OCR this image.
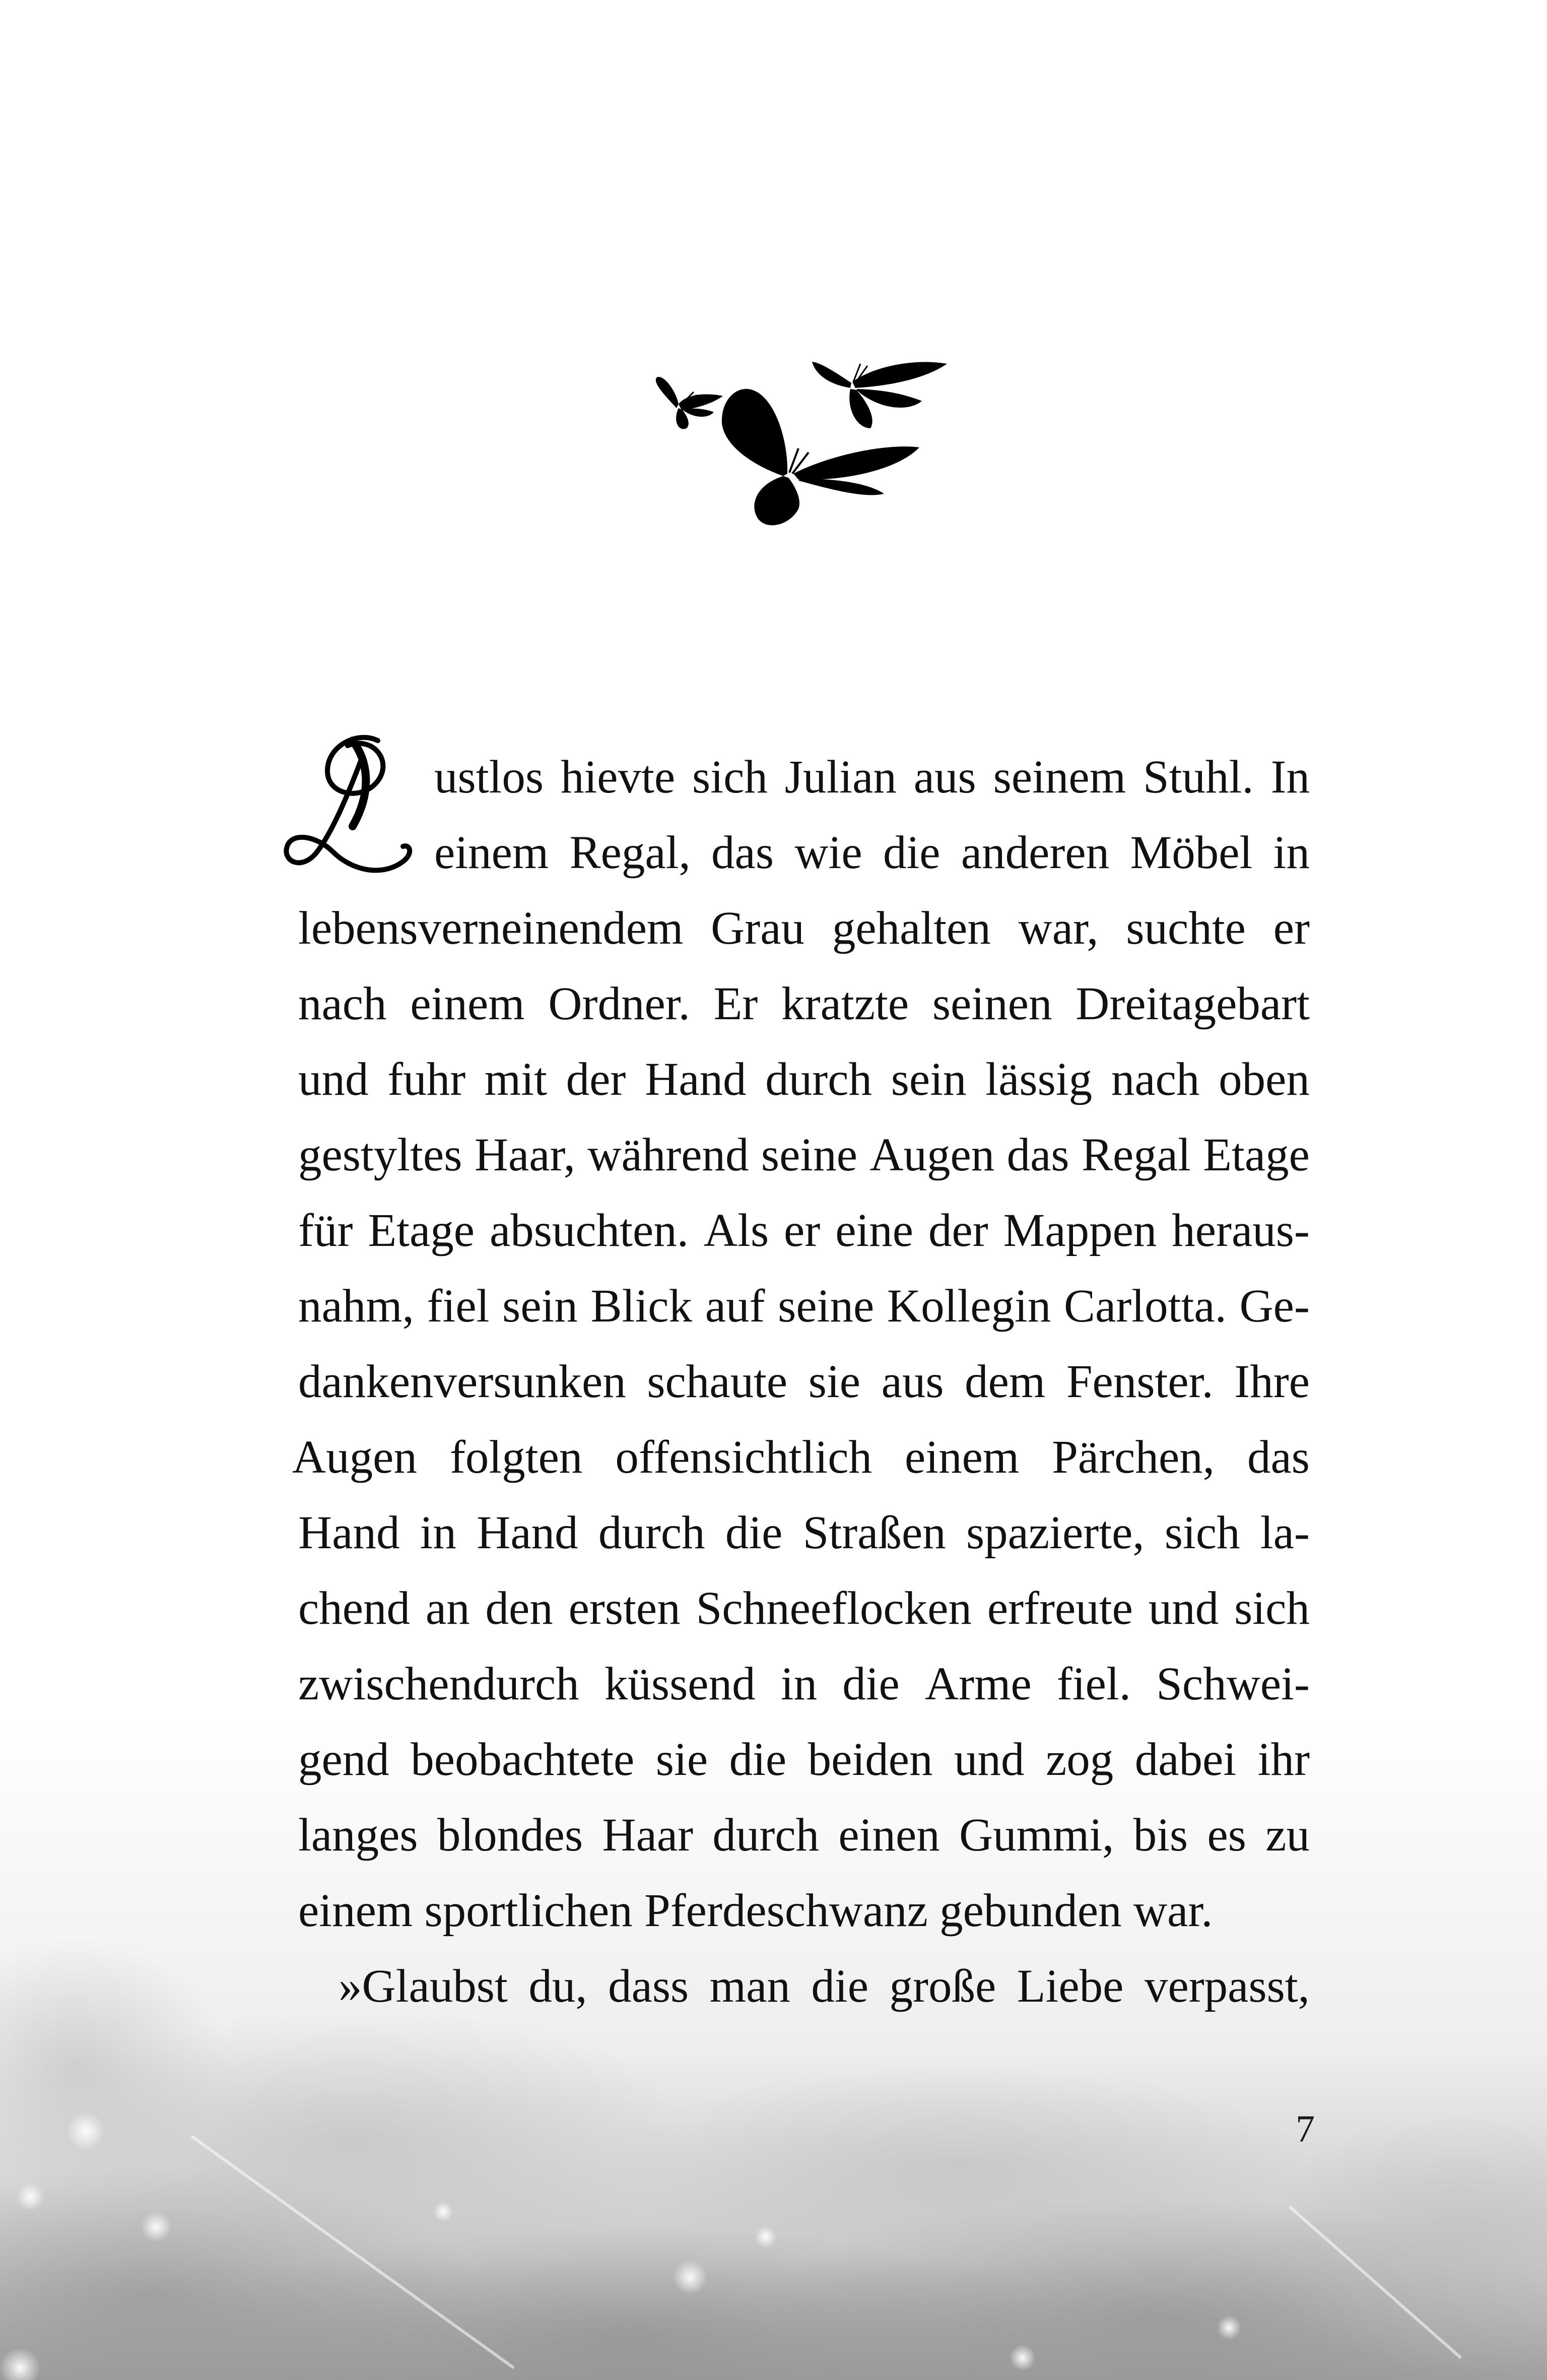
ustlos hievte sich Julian aus seinem Stuhl. In
einem Regal, das wie die anderen Möbel in
lebensverneinendem Grau gehalten war, suchte er
nach einem Ordner. Er kratzte seinen Dreitagebart
und fuhr mit der Hand durch sein lässig nach oben
gestyltes Haar, während seine Augen das Regal Etage
für Etage absuchten. Als er eine der Mappen heraus-
nahm, fiel sein Blick auf seine Kollegin Carlotta. Ge-
dankenversunken schaute sie aus dem Fenster. Ihre
Augen folgten offensichtlich einem Pärchen, das
Hand in Hand durch die Straßen spazierte, sich la-
chend an den ersten Schneeflocken erfreute und sich
zwischendurch küssend in die Arme fiel. Schwei-
gend beobachtete sie die beiden und zog dabei ihr
langes blondes Haar durch einen Gummi, bis es zu
einem sportlichen Pferdeschwanz gebunden war.
»Glaubst du, dass man die große Liebe verpasst,
7
